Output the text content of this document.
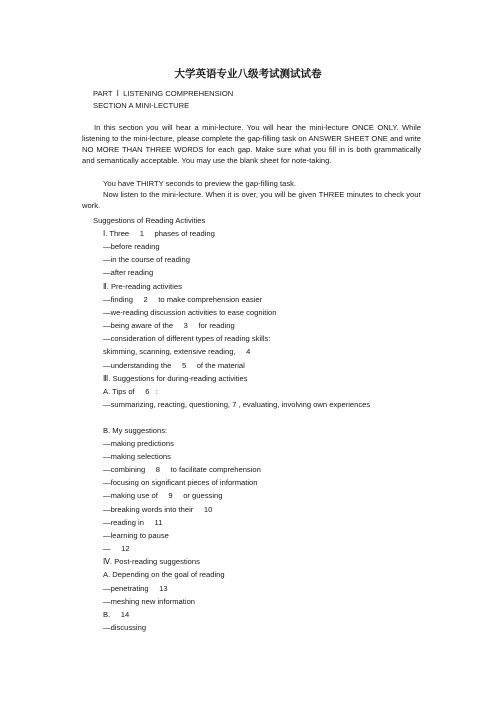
大学英语专业八级考试测试试卷
PART  Ⅰ  LISTENING COMPREHENSION
SECTION A MINI-LECTURE
In this section you will hear a mini-lecture. You will hear the mini-lecture ONCE ONLY. While listening to the mini-lecture, please complete the gap-filling task on ANSWER SHEET ONE and write NO MORE THAN THREE WORDS for each gap. Make sure what you fill in is both grammatically and semantically acceptable. You may use the blank sheet for note-taking.
You have THIRTY seconds to preview the gap-filling task.
Now listen to the mini-lecture. When it is over, you will be given THREE minutes to check your work.
Suggestions of Reading Activities
Ⅰ. Three     1     phases of reading
—before reading
—in the course of reading
—after reading
Ⅱ. Pre-reading activities
—finding     2     to make comprehension easier
—we-reading discussion activities to ease cognition
—being aware of the     3     for reading
—consideration of different types of reading skills:
skimming, scanning, extensive reading,     4
—understanding the     5     of the material
Ⅲ. Suggestions for during-reading activities
A. Tips of     6   :
B. My suggestions:
—making predictions
—making selections
—combining     8     to facilitate comprehension
—focusing on significant pieces of information
—making use of     9     or guessing
—breaking words into their     10
—reading in     11
—learning to pause
—     12
Ⅳ. Post-reading suggestions
A. Depending on the goal of reading
—penetrating     13
—meshing new information
B.     14
—discussing
—summarizing, reacting, questioning, 7 , evaluating, involving own experiences
